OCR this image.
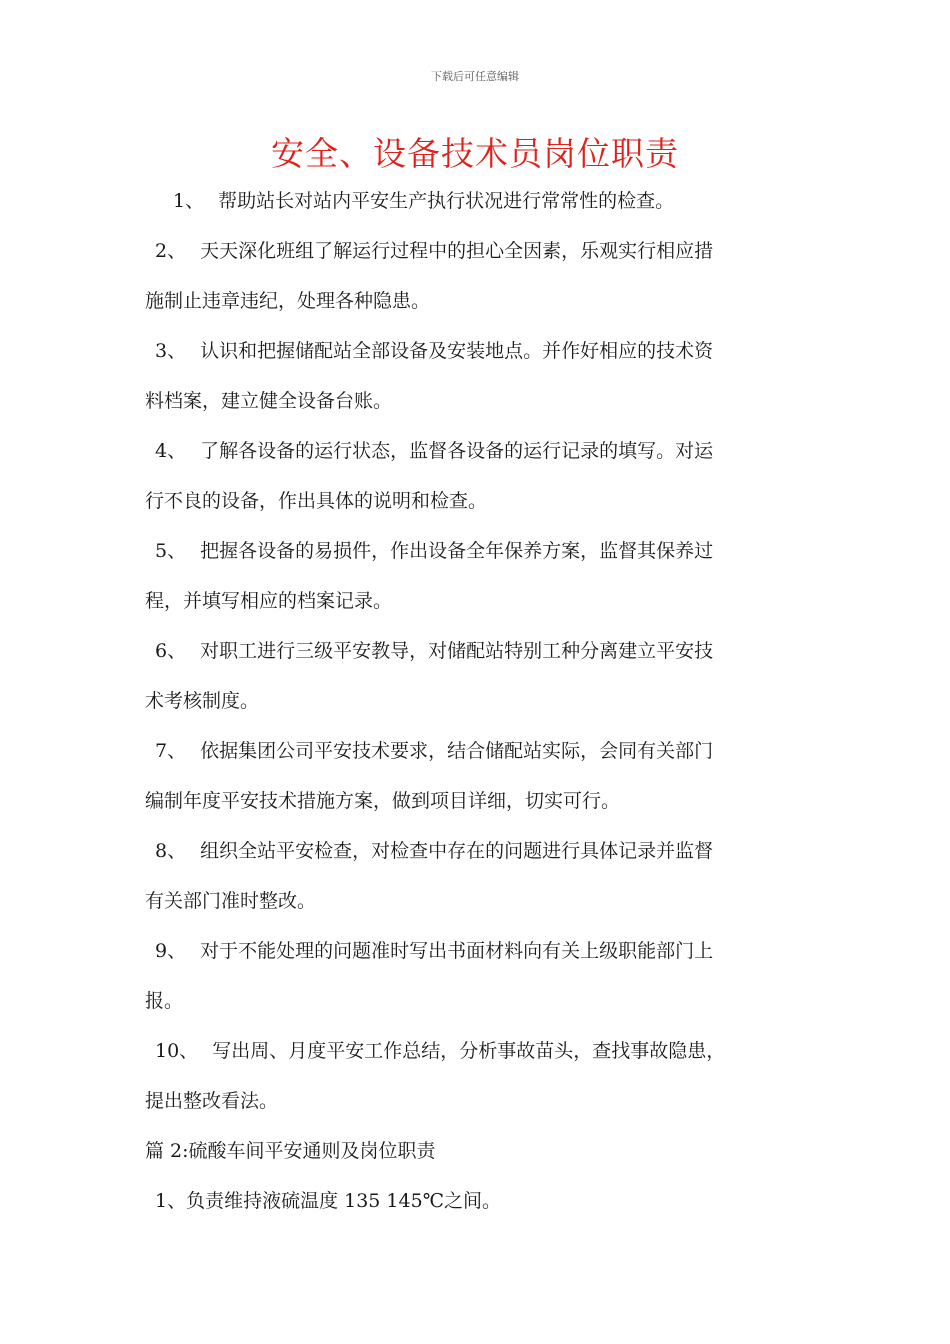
下载后可任意编辑
安全、设备技术员岗位职责
1、 帮助站长对站内平安生产执行状况进行常常性的检查。
2、 天天深化班组了解运行过程中的担心全因素，乐观实行相应措
施制止违章违纪，处理各种隐患。
3、 认识和把握储配站全部设备及安装地点。并作好相应的技术资
料档案，建立健全设备台账。
4、 了解各设备的运行状态，监督各设备的运行记录的填写。对运
行不良的设备，作出具体的说明和检查。
5、 把握各设备的易损件，作出设备全年保养方案，监督其保养过
程，并填写相应的档案记录。
6、 对职工进行三级平安教导，对储配站特别工种分离建立平安技
术考核制度。
7、 依据集团公司平安技术要求，结合储配站实际，会同有关部门
编制年度平安技术措施方案，做到项目详细，切实可行。
8、 组织全站平安检查，对检查中存在的问题进行具体记录并监督
有关部门准时整改。
9、 对于不能处理的问题准时写出书面材料向有关上级职能部门上
报。
10、 写出周、月度平安工作总结，分析事故苗头，查找事故隐患，
提出整改看法。
篇 2:硫酸车间平安通则及岗位职责
1、负责维持液硫温度 135 145℃之间。
